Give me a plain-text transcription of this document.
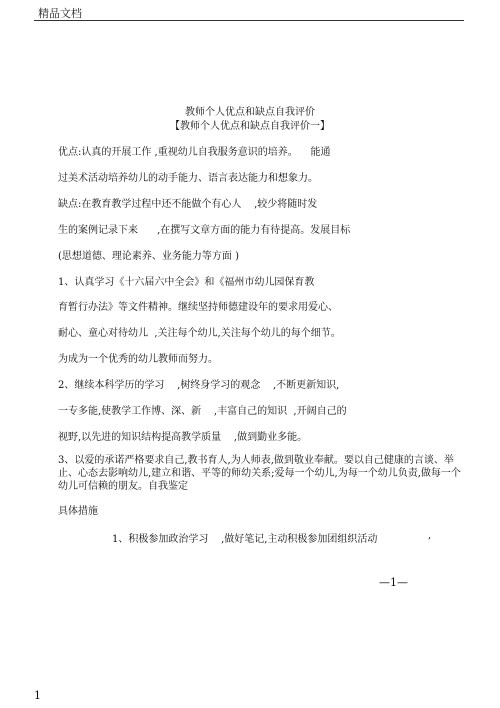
精品文档
教师个人优点和缺点自我评价
【教师个人优点和缺点自我评价一】
优点:认真的开展工作 ,重视幼儿自我服务意识的培养。    能通
过美术活动培养幼儿的动手能力、语言表达能力和想象力。
缺点:在教育教学过程中还不能做个有心人    ,较少将随时发
生的案例记录下来      ,在撰写文章方面的能力有待提高。发展目标
(思想道德、理论素养、业务能力等方面 )
1、认真学习《十六届六中全会》和《福州市幼儿园保育教
育暂行办法》等文件精神。继续坚持师德建设年的要求用爱心、
耐心、童心对待幼儿  ,关注每个幼儿,关注每个幼儿的每个细节。
为成为一个优秀的幼儿教师而努力。
2、继续本科学历的学习    ,树终身学习的观念    ,不断更新知识,
一专多能,使教学工作博、深、新    ,丰富自己的知识  ,开阔自己的
视野,以先进的知识结构提高教学质量    ,做到勤业多能。
3、以爱的承诺严格要求自己,教书育人,为人师表,做到敬业奉献。要以自己健康的言谈、举止、心态去影响幼儿,建立和谐、平等的师幼关系;爱每一个幼儿,为每一个幼儿负责,做每一个幼儿可信赖的朋友。自我鉴定
具体措施
1、积极参加政治学习    ,做好笔记,主动积极参加团组织活动	,
—1—
1
